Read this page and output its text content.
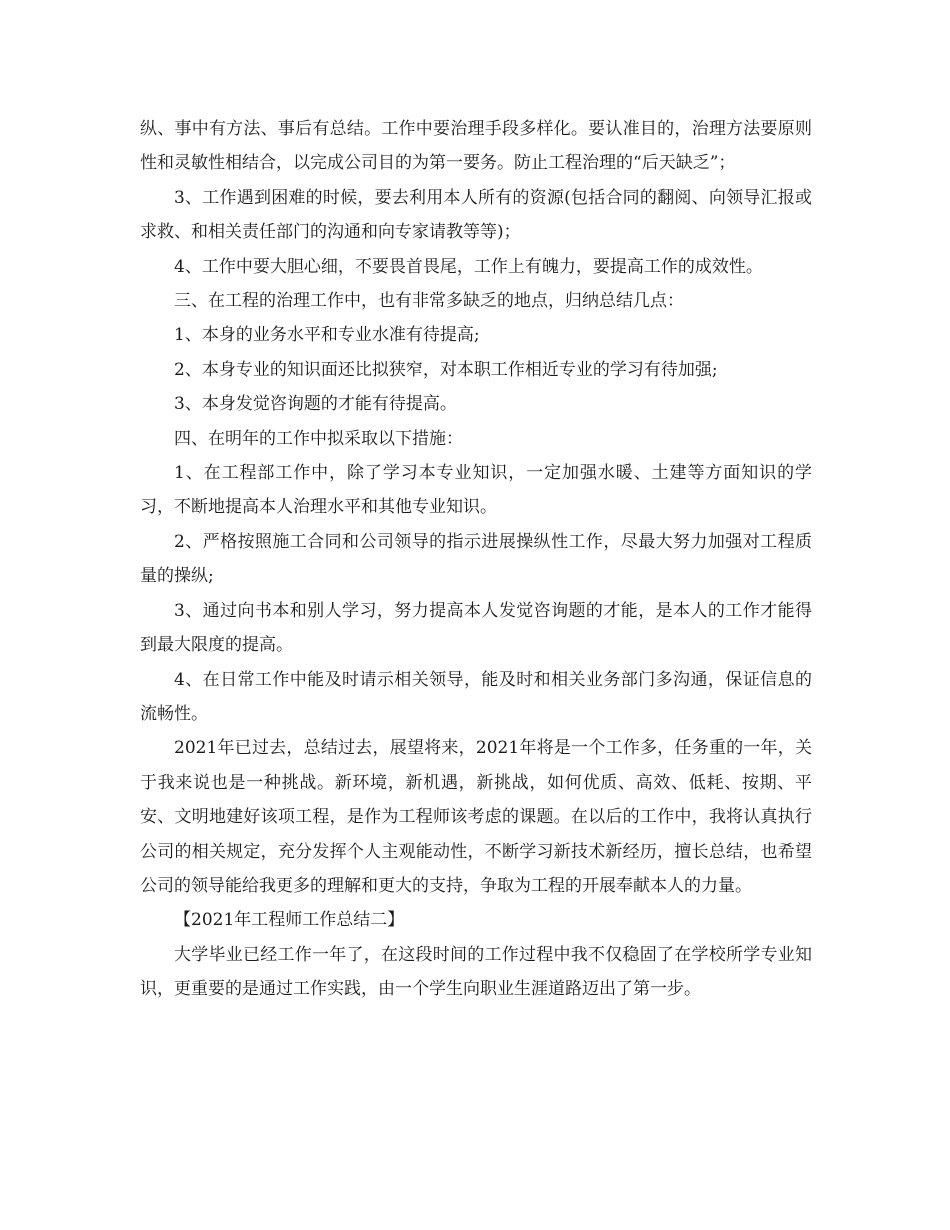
纵、事中有方法、事后有总结。工作中要治理手段多样化。要认准目的，治理方法要原则性和灵敏性相结合，以完成公司目的为第一要务。防止工程治理的“后天缺乏”；

3、工作遇到困难的时候，要去利用本人所有的资源(包括合同的翻阅、向领导汇报或求救、和相关责任部门的沟通和向专家请教等等)；

4、工作中要大胆心细，不要畏首畏尾，工作上有魄力，要提高工作的成效性。

三、在工程的治理工作中，也有非常多缺乏的地点，归纳总结几点：

1、本身的业务水平和专业水准有待提高;

2、本身专业的知识面还比拟狭窄，对本职工作相近专业的学习有待加强;

3、本身发觉咨询题的才能有待提高。

四、在明年的工作中拟采取以下措施：

1、在工程部工作中，除了学习本专业知识，一定加强水暖、土建等方面知识的学习，不断地提高本人治理水平和其他专业知识。

2、严格按照施工合同和公司领导的指示进展操纵性工作，尽最大努力加强对工程质量的操纵;

3、通过向书本和别人学习，努力提高本人发觉咨询题的才能，是本人的工作才能得到最大限度的提高。

4、在日常工作中能及时请示相关领导，能及时和相关业务部门多沟通，保证信息的流畅性。

2021年已过去，总结过去，展望将来，2021年将是一个工作多，任务重的一年，关于我来说也是一种挑战。新环境，新机遇，新挑战，如何优质、高效、低耗、按期、平安、文明地建好该项工程，是作为工程师该考虑的课题。在以后的工作中，我将认真执行公司的相关规定，充分发挥个人主观能动性，不断学习新技术新经历，擅长总结，也希望公司的领导能给我更多的理解和更大的支持，争取为工程的开展奉献本人的力量。

【2021年工程师工作总结二】

大学毕业已经工作一年了，在这段时间的工作过程中我不仅稳固了在学校所学专业知识，更重要的是通过工作实践，由一个学生向职业生涯道路迈出了第一步。
